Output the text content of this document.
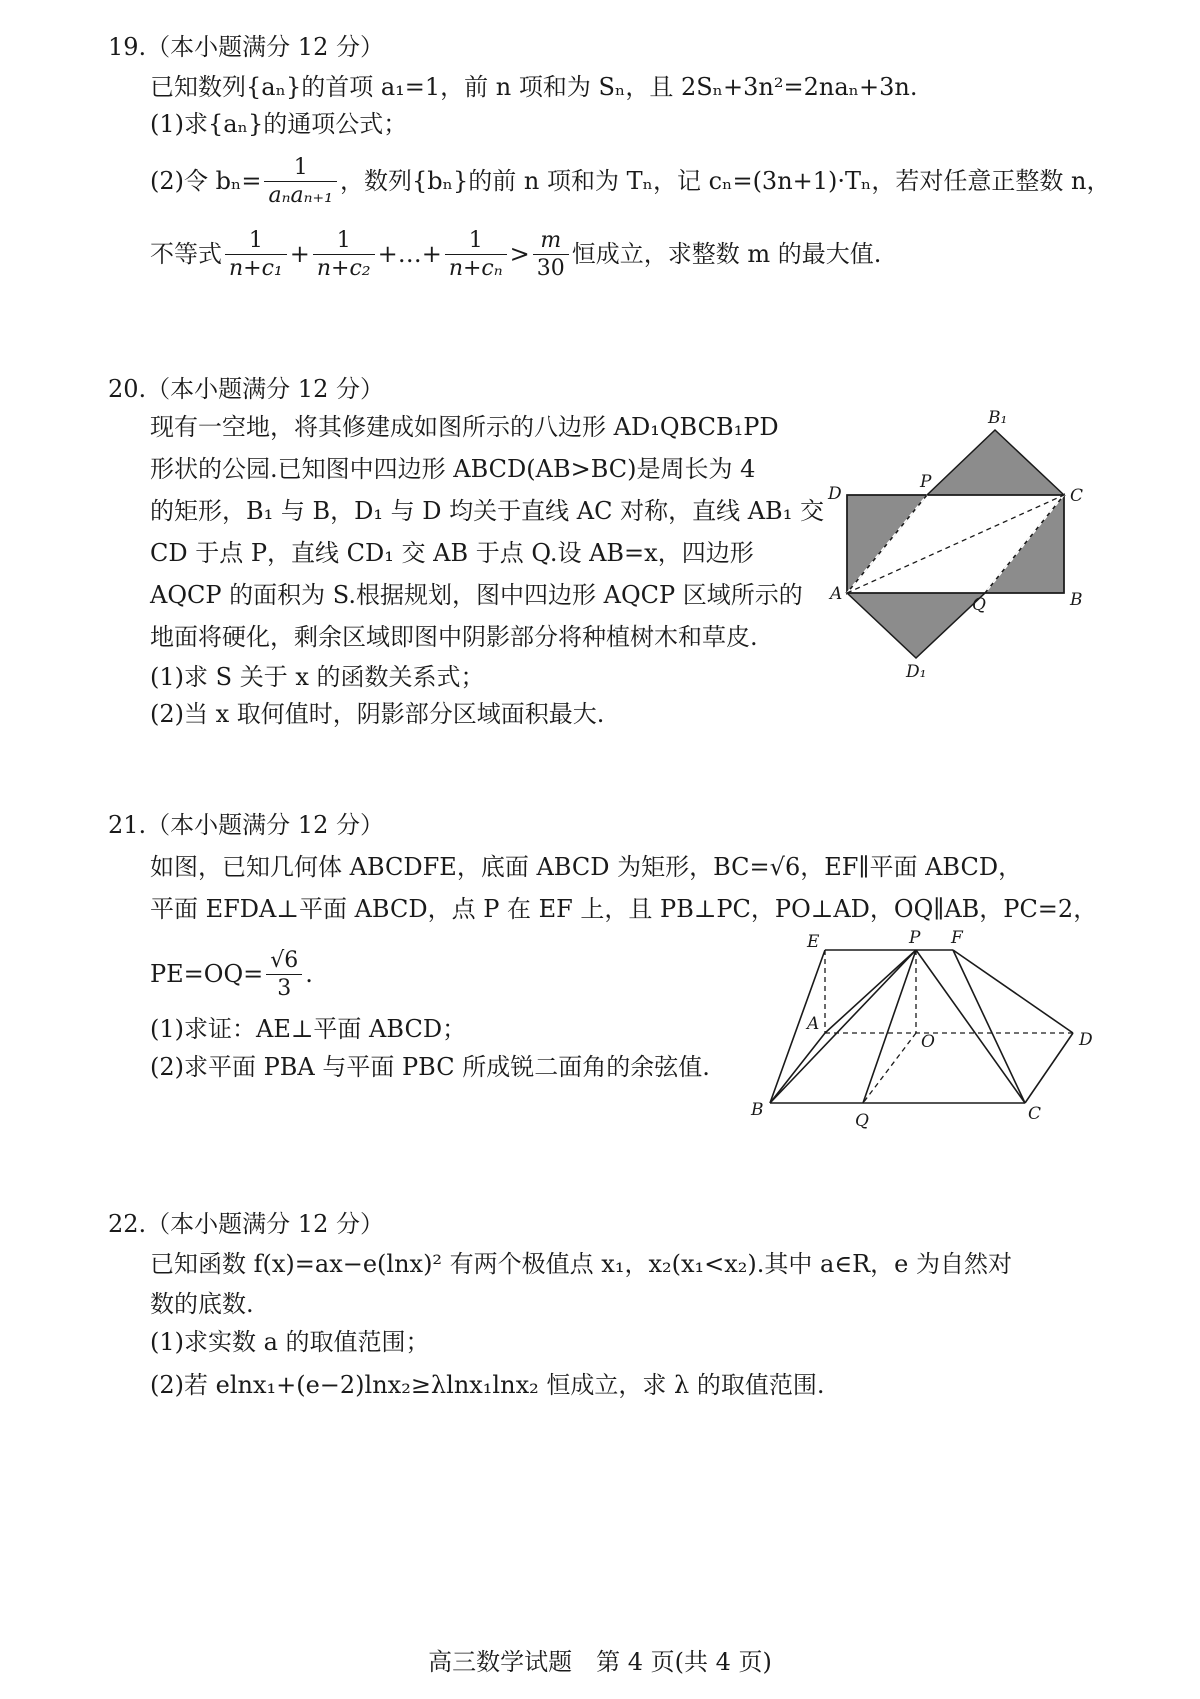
19.（本小题满分 12 分）
已知数列{aₙ}的首项 a₁=1，前 n 项和为 Sₙ，且 2Sₙ+3n²=2naₙ+3n.
(1)求{aₙ}的通项公式；
(2)令 $b_n= \frac{1}{\text{aₙaₙ₊₁}}$ ，数列{bₙ}的前 n 项和为 Tₙ，记 cₙ=(3n+1)·Tₙ，若对任意正整数 n，
不等式 $\frac{1}{\text{n+c₁}} + \frac{1}{\text{n+c₂}}$ +…+ $\frac{1}{\text{n+cₙ}} > \frac{m}{30}$ 恒成立，求整数 m 的最大值.
20.（本小题满分 12 分）
现有一空地，将其修建成如图所示的八边形 AD₁QBCB₁PD
形状的公园.已知图中四边形 ABCD(AB>BC)是周长为 4
的矩形，B₁ 与 B，D₁ 与 D 均关于直线 AC 对称，直线 AB₁ 交
CD 于点 P，直线 CD₁ 交 AB 于点 Q.设 AB=x，四边形
AQCP 的面积为 S.根据规划，图中四边形 AQCP 区域所示的
地面将硬化，剩余区域即图中阴影部分将种植树木和草皮.
(1)求 S 关于 x 的函数关系式；
(2)当 x 取何值时，阴影部分区域面积最大.
B₁
D
P
C
A
Q	B
D₁
21.（本小题满分 12 分）
如图，已知几何体 ABCDFE，底面 ABCD 为矩形，BC=√6，EF∥平面 ABCD，
平面 EFDA⊥平面 ABCD，点 P 在 EF 上，且 PB⊥PC，PO⊥AD，OQ∥AB，PC=2，
$PE=OQ= \frac{√6}{3}$ .
(1)求证：AE⊥平面 ABCD；
(2)求平面 PBA 与平面 PBC 所成锐二面角的余弦值.
E	P F
A
O	D
B
Q	C
22.（本小题满分 12 分）
已知函数 f(x)=ax−e(lnx)² 有两个极值点 x₁，x₂(x₁<x₂).其中 a∈R，e 为自然对
数的底数.
(1)求实数 a 的取值范围；
(2)若 elnx₁+(e−2)lnx₂≥λlnx₁lnx₂ 恒成立，求 λ 的取值范围.
高三数学试题　第 4 页(共 4 页)
